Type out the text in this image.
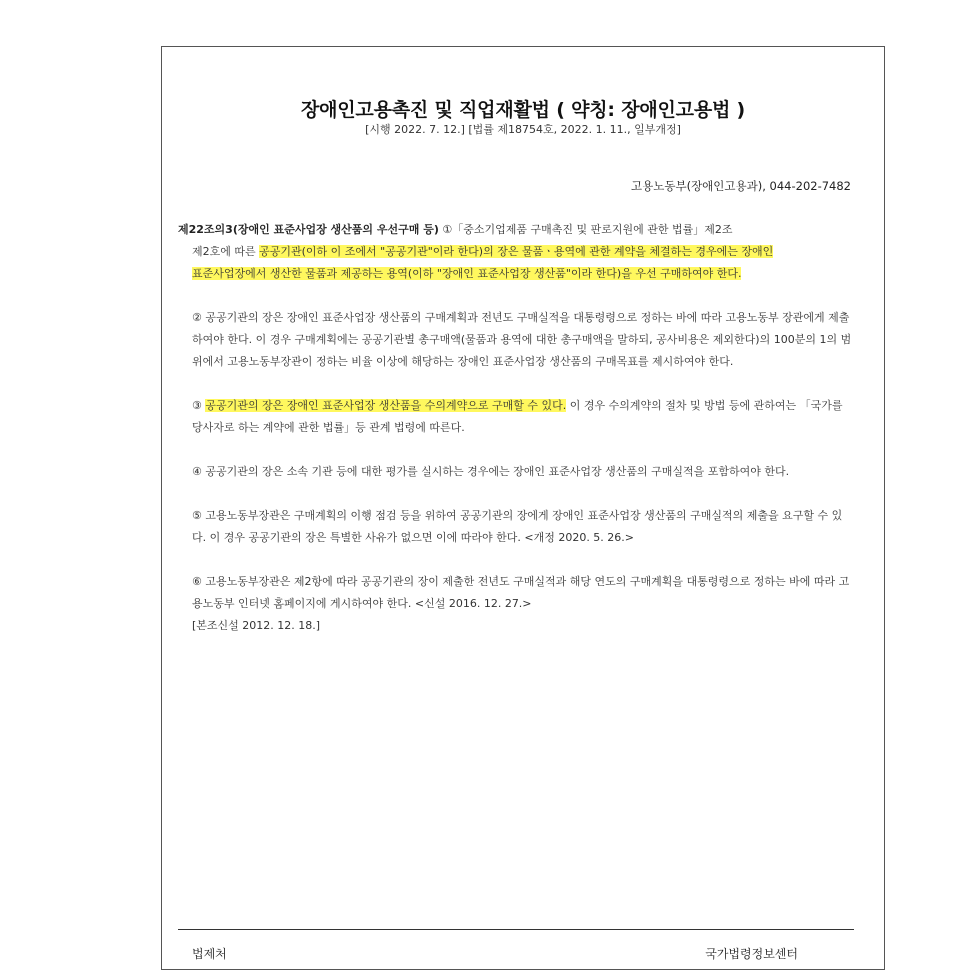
장애인고용촉진 및 직업재활법 ( 약칭: 장애인고용법 )
[시행 2022. 7. 12.] [법률 제18754호, 2022. 1. 11., 일부개정]
고용노동부(장애인고용과), 044-202-7482

제22조의3(장애인 표준사업장 생산품의 우선구매 등) ①「중소기업제품 구매촉진 및 판로지원에 관한 법률」제2조

제2호에 따른 공공기관(이하 이 조에서 "공공기관"이라 한다)의 장은 물품ㆍ용역에 관한 계약을 체결하는 경우에는 장애인

표준사업장에서 생산한 물품과 제공하는 용역(이하 "장애인 표준사업장 생산품"이라 한다)을 우선 구매하여야 한다.

② 공공기관의 장은 장애인 표준사업장 생산품의 구매계획과 전년도 구매실적을 대통령령으로 정하는 바에 따라 고용노동부 장관에게 제출하여야 한다. 이 경우 구매계획에는 공공기관별 총구매액(물품과 용역에 대한 총구매액을 말하되, 공사비용은 제외한다)의 100분의 1의 범위에서 고용노동부장관이 정하는 비율 이상에 해당하는 장애인 표준사업장 생산품의 구매목표를 제시하여야 한다.

③ 공공기관의 장은 장애인 표준사업장 생산품을 수의계약으로 구매할 수 있다. 이 경우 수의계약의 절차 및 방법 등에 관하여는 「국가를 당사자로 하는 계약에 관한 법률」등 관계 법령에 따른다.

④ 공공기관의 장은 소속 기관 등에 대한 평가를 실시하는 경우에는 장애인 표준사업장 생산품의 구매실적을 포함하여야 한다.

⑤ 고용노동부장관은 구매계획의 이행 점검 등을 위하여 공공기관의 장에게 장애인 표준사업장 생산품의 구매실적의 제출을 요구할 수 있다. 이 경우 공공기관의 장은 특별한 사유가 없으면 이에 따라야 한다. <개정 2020. 5. 26.>

⑥ 고용노동부장관은 제2항에 따라 공공기관의 장이 제출한 전년도 구매실적과 해당 연도의 구매계획을 대통령령으로 정하는 바에 따라 고용노동부 인터넷 홈페이지에 게시하여야 한다. <신설 2016. 12. 27.>

[본조신설 2012. 12. 18.]

법제처	국가법령정보센터
